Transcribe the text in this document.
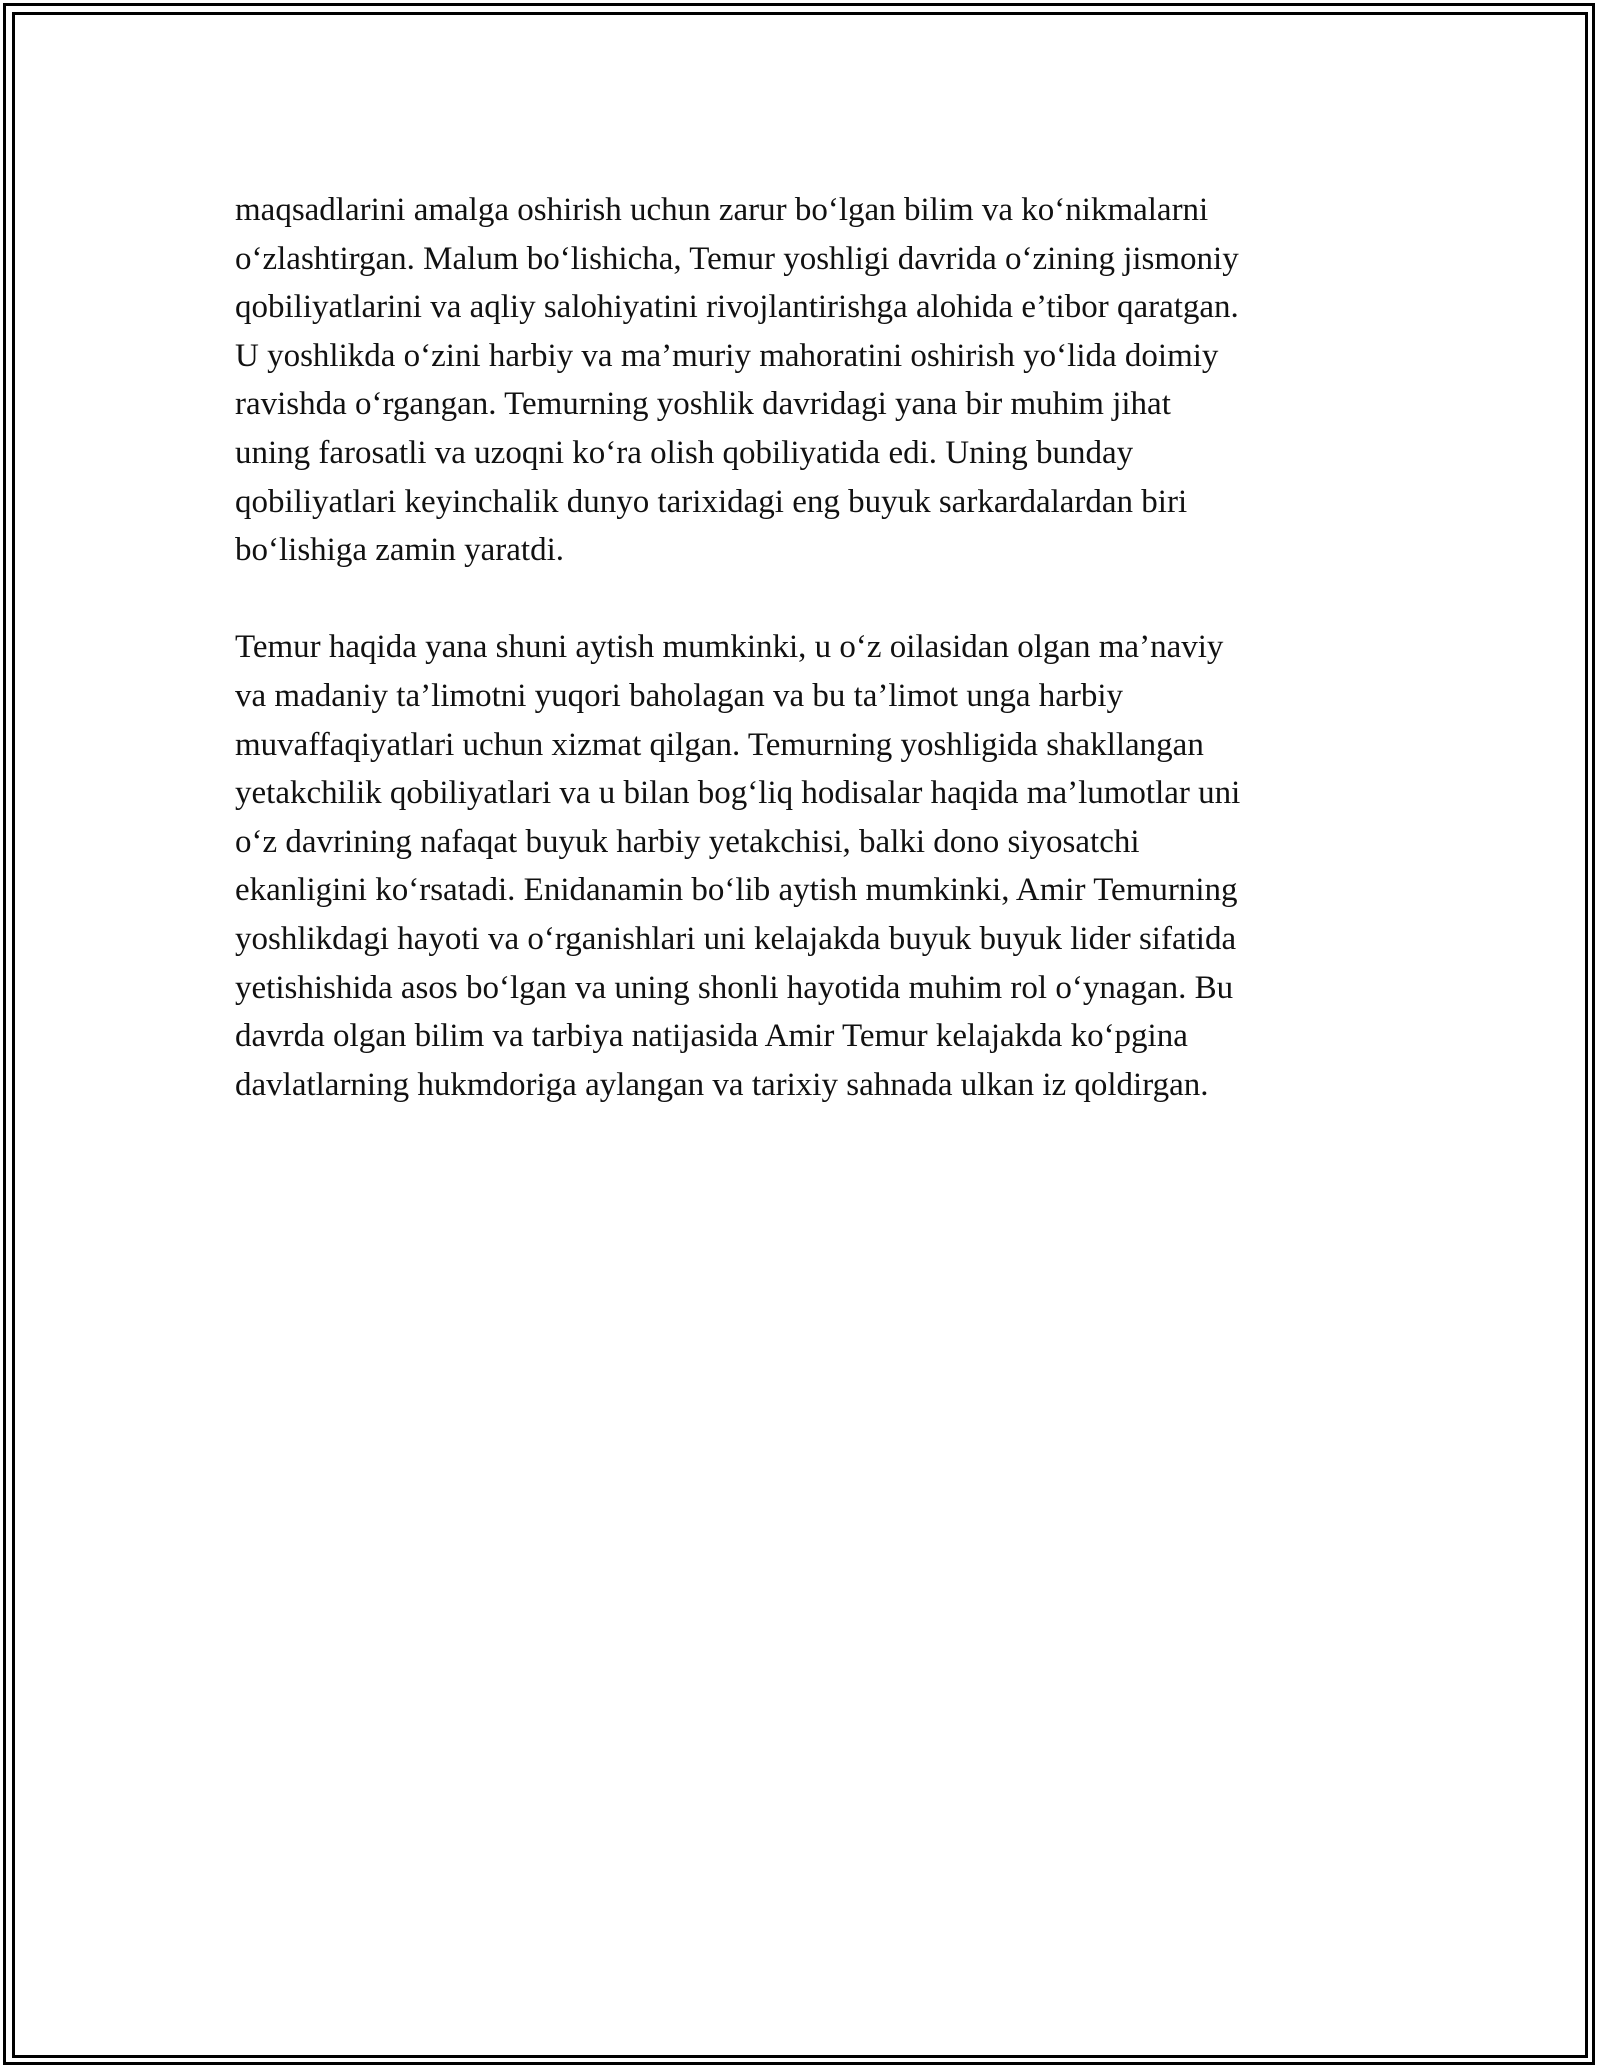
maqsadlarini amalga oshirish uchun zarur bo‘lgan bilim va ko‘nikmalarni
o‘zlashtirgan. Malum bo‘lishicha, Temur yoshligi davrida o‘zining jismoniy
qobiliyatlarini va aqliy salohiyatini rivojlantirishga alohida e’tibor qaratgan.
U yoshlikda o‘zini harbiy va ma’muriy mahoratini oshirish yo‘lida doimiy
ravishda o‘rgangan. Temurning yoshlik davridagi yana bir muhim jihat
uning farosatli va uzoqni ko‘ra olish qobiliyatida edi. Uning bunday
qobiliyatlari keyinchalik dunyo tarixidagi eng buyuk sarkardalardan biri
bo‘lishiga zamin yaratdi.

Temur haqida yana shuni aytish mumkinki, u o‘z oilasidan olgan ma’naviy
va madaniy ta’limotni yuqori baholagan va bu ta’limot unga harbiy
muvaffaqiyatlari uchun xizmat qilgan. Temurning yoshligida shakllangan
yetakchilik qobiliyatlari va u bilan bog‘liq hodisalar haqida ma’lumotlar uni
o‘z davrining nafaqat buyuk harbiy yetakchisi, balki dono siyosatchi
ekanligini ko‘rsatadi. Enidanamin bo‘lib aytish mumkinki, Amir Temurning
yoshlikdagi hayoti va o‘rganishlari uni kelajakda buyuk buyuk lider sifatida
yetishishida asos bo‘lgan va uning shonli hayotida muhim rol o‘ynagan. Bu
davrda olgan bilim va tarbiya natijasida Amir Temur kelajakda ko‘pgina
davlatlarning hukmdoriga aylangan va tarixiy sahnada ulkan iz qoldirgan.
